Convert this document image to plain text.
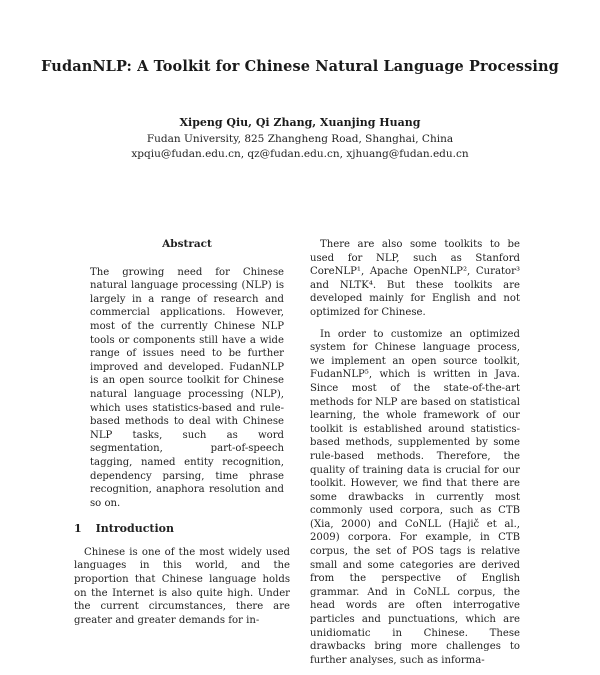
FudanNLP: A Toolkit for Chinese Natural Language Processing
Xipeng Qiu, Qi Zhang, Xuanjing Huang
Fudan University, 825 Zhangheng Road, Shanghai, China
xpqiu@fudan.edu.cn, qz@fudan.edu.cn, xjhuang@fudan.edu.cn
Abstract
The growing need for Chinese natural language processing (NLP) is largely in a range of research and commercial applications. However, most of the currently Chinese NLP tools or components still have a wide range of issues need to be further improved and developed. FudanNLP is an open source toolkit for Chinese natural language processing (NLP), which uses statistics-based and rule-based methods to deal with Chinese NLP tasks, such as word segmentation, part-of-speech tagging, named entity recognition, dependency parsing, time phrase recognition, anaphora resolution and so on.
1 Introduction
Chinese is one of the most widely used languages in this world, and the proportion that Chinese language holds on the Internet is also quite high. Under the current circumstances, there are greater and greater demands for in-
There are also some toolkits to be used for NLP, such as Stanford CoreNLP¹, Apache OpenNLP², Curator³ and NLTK⁴. But these toolkits are developed mainly for English and not optimized for Chinese.
In order to customize an optimized system for Chinese language process, we implement an open source toolkit, FudanNLP⁵, which is written in Java. Since most of the state-of-the-art methods for NLP are based on statistical learning, the whole framework of our toolkit is established around statistics-based methods, supplemented by some rule-based methods. Therefore, the quality of training data is crucial for our toolkit. However, we find that there are some drawbacks in currently most commonly used corpora, such as CTB (Xia, 2000) and CoNLL (Hajič et al., 2009) corpora. For example, in CTB corpus, the set of POS tags is relative small and some categories are derived from the perspective of English grammar. And in CoNLL corpus, the head words are often interrogative particles and punctuations, which are unidiomatic in Chinese. These drawbacks bring more challenges to further analyses, such as informa-
